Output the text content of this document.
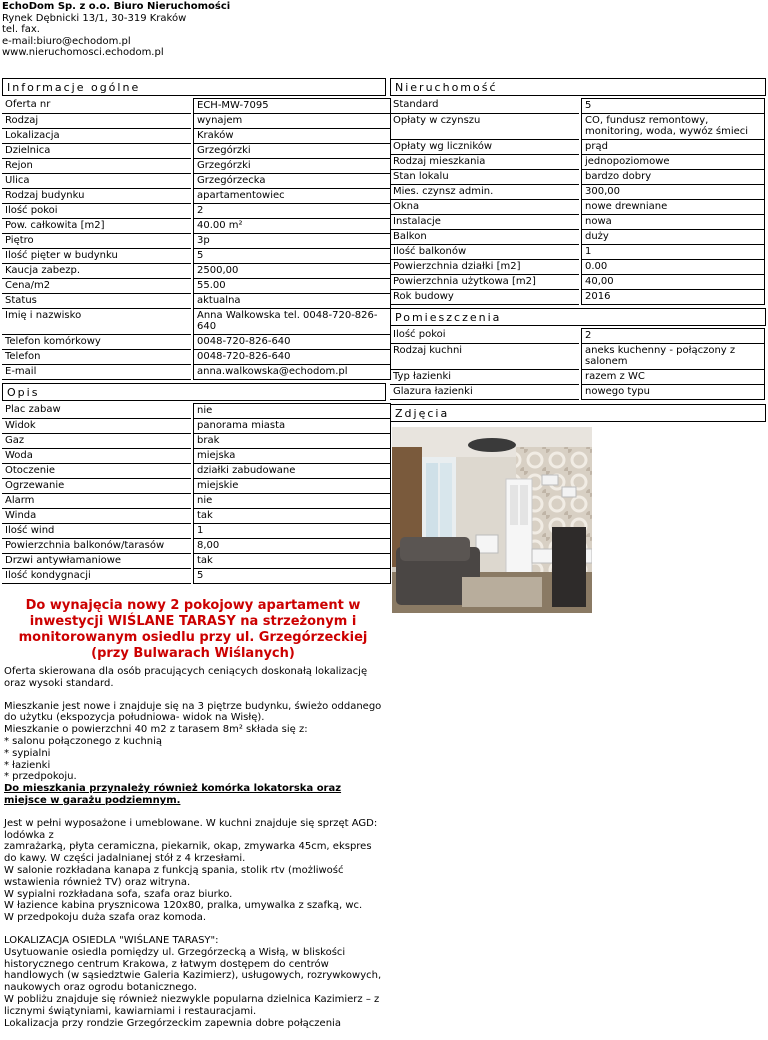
EchoDom Sp. z o.o. Biuro Nieruchomości
Rynek Dębnicki 13/1, 30-319 Kraków
tel. fax.
e-mail:biuro@echodom.pl
www.nieruchomosci.echodom.pl
Informacje ogólne	Nieruchomość
Oferta nr		ECH-MW-7095
Rodzaj		wynajem
Lokalizacja		Kraków
Dzielnica		Grzegórzki
Rejon		Grzegórzki
Ulica		Grzegórzecka
Rodzaj budynku		apartamentowiec
Ilość pokoi		2
Pow. całkowita [m2]		40.00 m²
Piętro		3p
Ilość pięter w budynku		5
Kaucja zabezp.		2500,00
Cena/m2		55.00
Status		aktualna
Imię i nazwisko		Anna Walkowska tel. 0048-720-826-640
Telefon komórkowy		0048-720-826-640
Telefon		0048-720-826-640
E-mail		anna.walkowska@echodom.pl
Standard		5
Opłaty w czynszu		CO, fundusz remontowy, monitoring, woda, wywóz śmieci
Opłaty wg liczników		prąd
Rodzaj mieszkania		jednopoziomowe
Stan lokalu		bardzo dobry
Mies. czynsz admin.		300,00
Okna		nowe drewniane
Instalacje		nowa
Balkon		duży
Ilość balkonów		1
Powierzchnia działki [m2]		0.00
Powierzchnia użytkowa [m2]		40,00
Rok budowy		2016
Pomieszczenia
Ilość pokoi		2
Rodzaj kuchni		aneks kuchenny - połączony z salonem
Typ łazienki		razem z WC
Glazura łazienki		nowego typu
Opis
Plac zabaw		nie
Widok		panorama miasta
Gaz		brak
Woda		miejska
Otoczenie		działki zabudowane
Ogrzewanie		miejskie
Alarm		nie
Winda		tak
Ilość wind		1
Powierzchnia balkonów/tarasów		8,00
Drzwi antywłamaniowe		tak
Ilość kondygnacji		5
Zdjęcia
Do wynajęcia nowy 2 pokojowy apartament w inwestycji WIŚLANE TARASY na strzeżonym i monitorowanym osiedlu przy ul. Grzegórzeckiej (przy Bulwarach Wiślanych)

Oferta skierowana dla osób pracujących ceniących doskonałą lokalizację oraz wysoki standard.

Mieszkanie jest nowe i znajduje się na 3 piętrze budynku, świeżo oddanego do użytku (ekspozycja południowa- widok na Wisłę).
Mieszkanie o powierzchni 40 m2 z tarasem 8m² składa się z:
* salonu połączonego z kuchnią
* sypialni
* łazienki
* przedpokoju.
Do mieszkania przynależy również komórka lokatorska oraz miejsce w garażu podziemnym.

Jest w pełni wyposażone i umeblowane. W kuchni znajduje się sprzęt AGD: lodówka z
zamrażarką, płyta ceramiczna, piekarnik, okap, zmywarka 45cm, ekspres do kawy. W części jadalnianej stół z 4 krzesłami.
W salonie rozkładana kanapa z funkcją spania, stolik rtv (możliwość wstawienia również TV) oraz witryna.
W sypialni rozkładana sofa, szafa oraz biurko.
W łazience kabina prysznicowa 120x80, pralka, umywalka z szafką, wc.
W przedpokoju duża szafa oraz komoda.

LOKALIZACJA OSIEDLA "WIŚLANE TARASY":
Usytuowanie osiedla pomiędzy ul. Grzegórzecką a Wisłą, w bliskości historycznego centrum Krakowa, z łatwym dostępem do centrów handlowych (w sąsiedztwie Galeria Kazimierz), usługowych, rozrywkowych, naukowych oraz ogrodu botanicznego.
W pobliżu znajduje się również niezwykle popularna dzielnica Kazimierz – z licznymi świątyniami, kawiarniami i restauracjami.
Lokalizacja przy rondzie Grzegórzeckim zapewnia dobre połączenia
